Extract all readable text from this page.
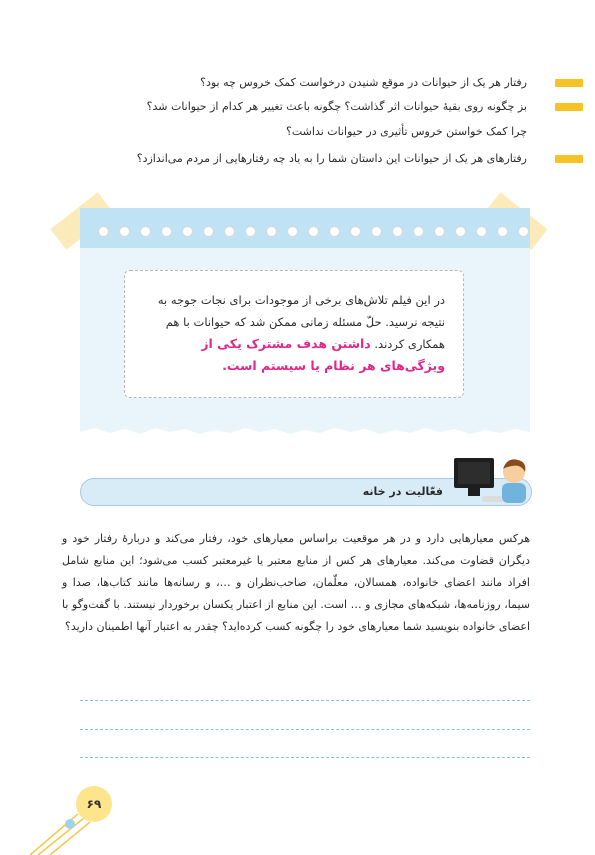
رفتار هر یک از حیوانات در موقع شنیدن درخواست کمک خروس چه بود؟
بز چگونه روی بقیهٔ حیوانات اثر گذاشت؟ چگونه باعث تغییر هر کدام از حیوانات شد؟
چرا کمک خواستن خروس تأثیری در حیوانات نداشت؟
رفتارهای هر یک از حیوانات این داستان شما را به یاد چه رفتارهایی از مردم می‌اندازد؟
در این فیلم تلاش‌های برخی از موجودات برای نجات جوجه به نتیجه نرسید. حلّ مسئله زمانی ممکن شد که حیوانات با هم همکاری کردند. داشتن هدف مشترک یکی از ویژگی‌های هر نظام یا سیستم است.
فعّالیت در خانه
هرکس معیارهایی دارد و در هر موقعیت براساس معیارهای خود، رفتار می‌کند و دربارهٔ رفتار خود و دیگران قضاوت می‌کند. معیارهای هر کس از منابع معتبر یا غیرمعتبر کسب می‌شود؛ این منابع شامل افراد مانند اعضای خانواده، همسالان، معلّمان، صاحب‌نظران و …، و رسانه‌ها مانند کتاب‌ها، صدا و سیما، روزنامه‌ها، شبکه‌های مجازی و … است. این منابع از اعتبار یکسان برخوردار نیستند. با گفت‌وگو با اعضای خانواده بنویسید شما معیارهای خود را چگونه کسب کرده‌اید؟ چقدر به اعتبار آنها اطمینان دارید؟
۶۹
